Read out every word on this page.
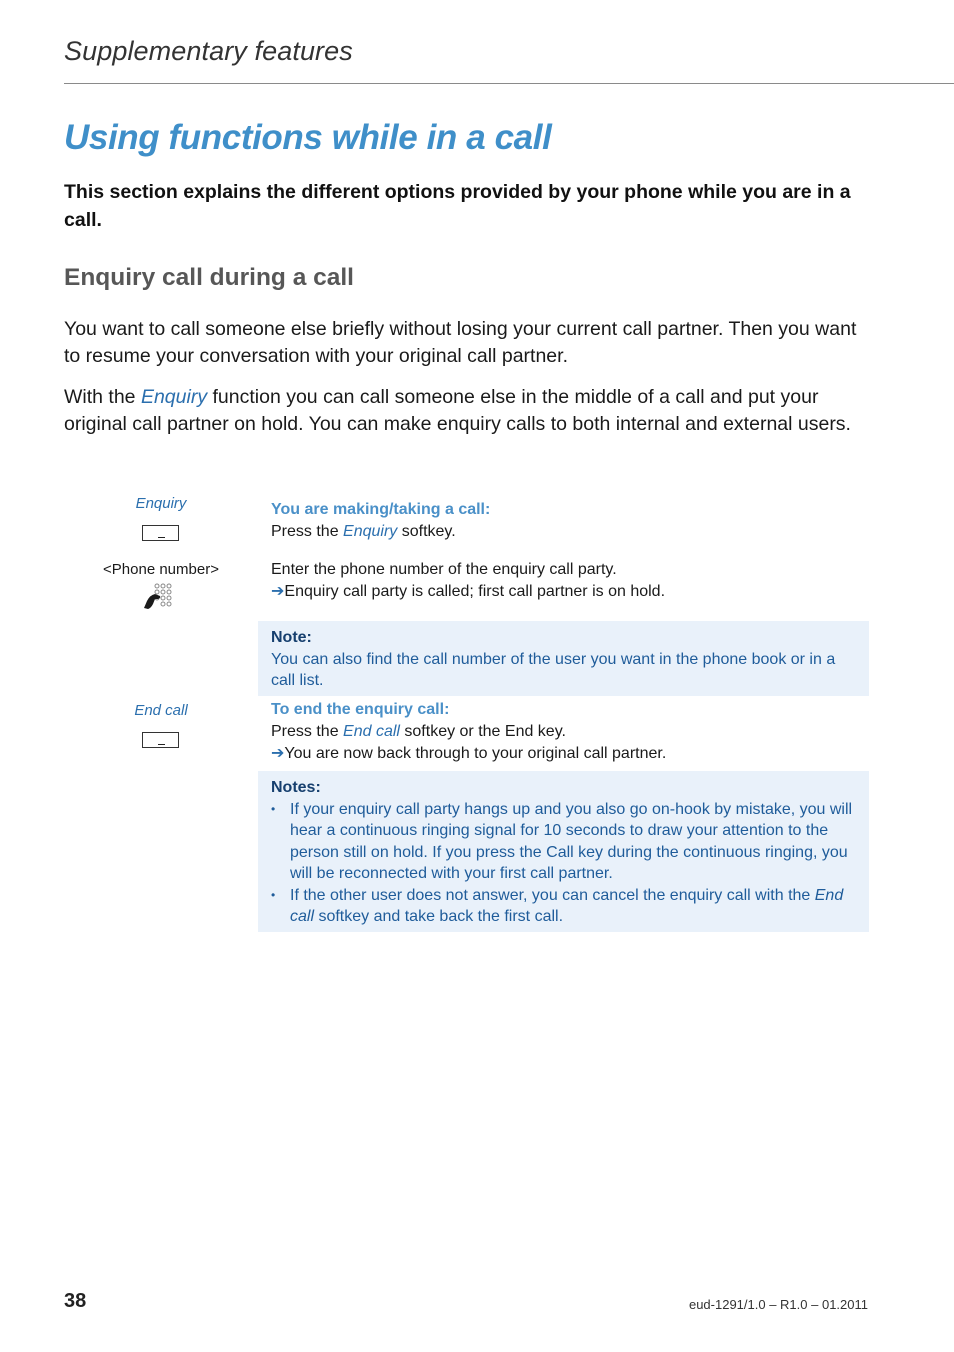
Supplementary features
Using functions while in a call

This section explains the different options provided by your phone while you are in a call.

Enquiry call during a call

You want to call someone else briefly without losing your current call partner. Then you want to resume your conversation with your original call partner.

With the Enquiry function you can call someone else in the middle of a call and put your original call partner on hold. You can make enquiry calls to both internal and external users.

Enquiry	You are making/taking a call:
Press the Enquiry softkey.
<Phone number>	Enter the phone number of the enquiry call party.
➔Enquiry call party is called; first call partner is on hold.
Note:
You can also find the call number of the user you want in the phone book or in a call list.
End call	To end the enquiry call:
Press the End call softkey or the End key.
➔You are now back through to your original call partner.
Notes:
• If your enquiry call party hangs up and you also go on-hook by mistake, you will hear a continuous ringing signal for 10 seconds to draw your attention to the person still on hold. If you press the Call key during the continuous ringing, you will be reconnected with your first call partner.
• If the other user does not answer, you can cancel the enquiry call with the End call softkey and take back the first call.
38	eud-1291/1.0 – R1.0 – 01.2011
